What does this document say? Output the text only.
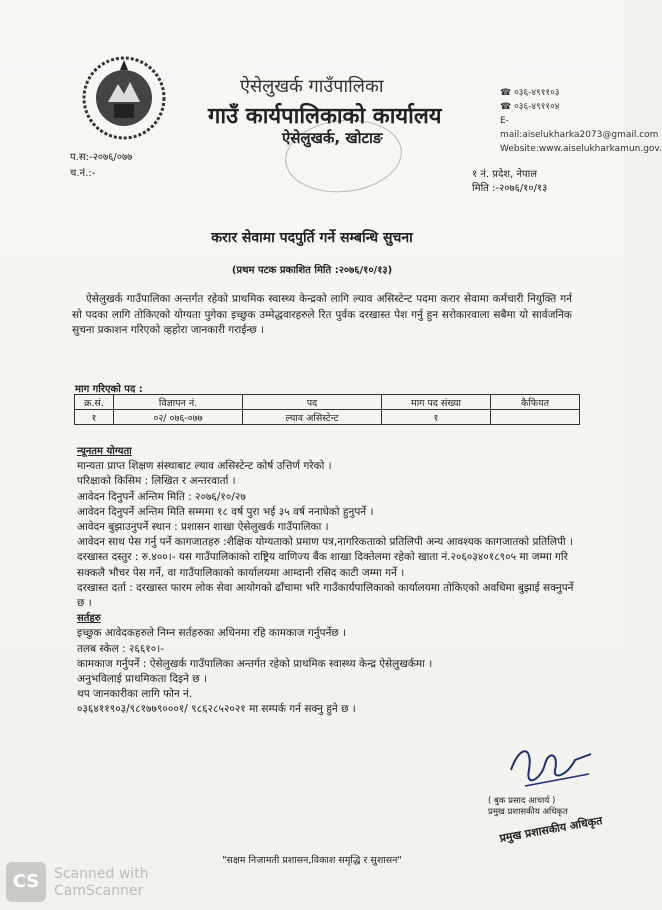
ऐसेलुखर्क गाउँपालिका
गाउँ कार्यपालिकाको कार्यालय
ऐसेलुखर्क, खोटाङ
☎ ०३६-४९११०३
☎ ०३६-४९११०४
E-mail:aiselukharka2073@gmail.com
Website:www.aiselukharkamun.gov.
प.स:-२०७६/०७७
च.नं.:-	१ नं. प्रदेश, नेपाल
मिति :-२०७६/१०/१३
करार सेवामा पदपुर्ति गर्ने सम्बन्धि सुचना
(प्रथम पटक प्रकाशित मिति :२०७६/१०/१३)
ऐसेलुखर्क गाउँपालिका अन्तर्गत रहेको प्राथमिक स्वास्थ्य केन्द्रको लागि ल्याव असिस्टेन्ट पदमा करार सेवामा कर्मचारी नियुक्ति गर्न सो पदका लागि तोकिएको योग्यता पुगेका इच्छुक उम्मेद्धवारहरुले रित पुर्वक दरखास्त पेश गर्नु हुन सरोकारवाला सबैमा यो सार्वजनिक सुचना प्रकाशन गरिएको व्हहोरा जानकारी गराईन्छ ।
माग गरिएको पद :
क्र.सं.	विज्ञापन नं.	पद	माग पद संख्या	कैफियत
१	०२/ ०७६-०७७	ल्याव असिस्टेन्ट	१	
न्यूनतम योग्यता
मान्यता प्राप्त शिक्षण संस्थाबाट ल्याव असिस्टेन्ट कोर्ष उत्तिर्ण गरेको ।
परिक्षाको किसिम : लिखित र अन्तरवार्ता ।
आवेदन दिनुपर्ने अन्तिम मिति : २०७६/१०/२७
आवेदन दिनुपर्ने अन्तिम मिति सम्ममा १८ वर्ष पुरा भई ३५ वर्ष ननाघेको हुनुपर्ने ।
आवेदन बुझाउनुपर्ने स्थान : प्रशासन शाखा ऐसेलुखर्क गाउँपालिका ।
आवेदन साथ पेस गर्नु पर्ने कागजातहरु :शैक्षिक योग्यताको प्रमाण पत्र,नागरिकताको प्रतिलिपी अन्य आवश्यक कागजातको प्रतिलिपी ।
दरखास्त दस्तुर : रु.४००।- यस गाउँपालिकाको राष्ट्रिय वाणिज्य बैंक शाखा दिक्तेलमा रहेको खाता नं.२०६०३४०१८९०५ मा जम्मा गरि सक्कलै भौचर पेस गर्ने, वा गाउँपालिकाको कार्यालयमा आम्दानी रसिद काटी जम्मा गर्ने ।
दरखास्त दर्ता : दरखास्त फारम लोक सेवा आयोगको ढाँचामा भरि गाउँकार्यपालिकाको कार्यालयमा तोकिएको अवधिमा बुझाई सक्नुपर्ने छ ।
सर्तहरु
इच्छुक आवेदकहरुले निम्न सर्तहरुका अधिनमा रहि कामकाज गर्नुपर्नेछ ।
तलब स्केल : २६६१०।-
कामकाज गर्नुपर्ने : ऐसेलुखर्क गाउँपालिका अन्तर्गत रहेको प्राथमिक स्वास्थ्य केन्द्र ऐसेलुखर्कमा ।
अनुभविलाई प्राथमिकता दिइने छ ।
थप जानकारीका लागि फोन नं.
०३६४११९०३/९८१७७९०००१/ ९८६२८५२०२१ मा सम्पर्क गर्न सक्नु हुने छ ।
( बुक प्रसाद आचार्य )
प्रमुख प्रशासकीय अधिकृत
प्रमुख प्रशासकीय अधिकृत
"सक्षम निजामती प्रशासन,विकाश समृद्धि र सुशासन"
CS	Scanned with
CamScanner
